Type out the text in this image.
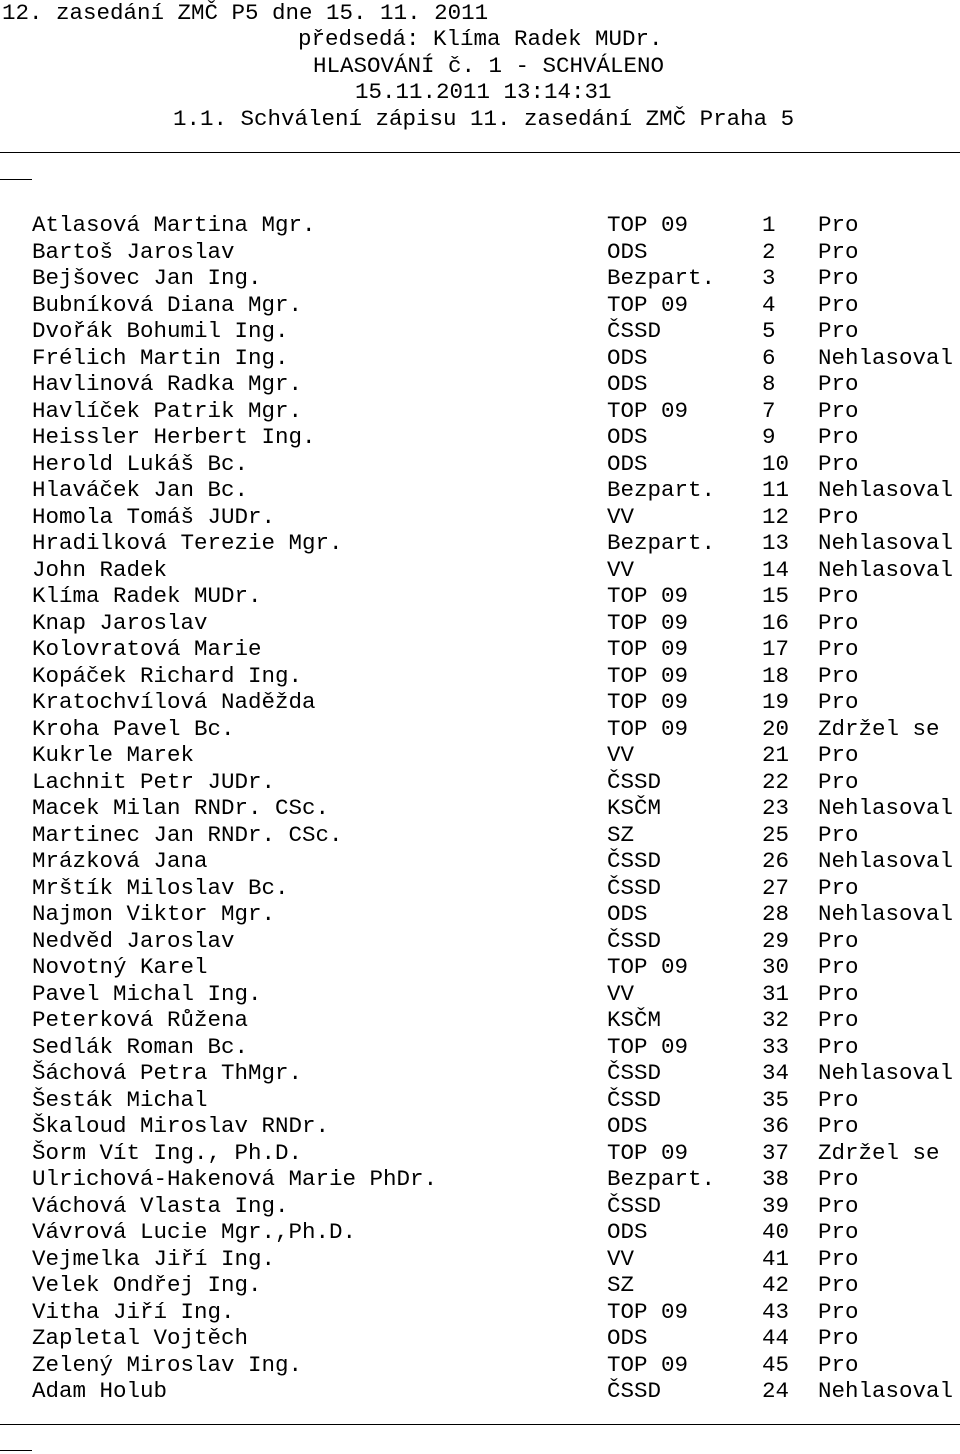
12. zasedání ZMČ P5 dne 15. 11. 2011
předsedá: Klíma Radek MUDr.
HLASOVÁNÍ č. 1 - SCHVÁLENO
15.11.2011 13:14:31
1.1. Schválení zápisu 11. zasedání ZMČ Praha 5
Atlasová Martina Mgr.	TOP 09	1 Pro
Bartoš Jaroslav	ODS	2 Pro
Bejšovec Jan Ing.	Bezpart. 3 Pro
Bubníková Diana Mgr.	TOP 09	4 Pro
Dvořák Bohumil Ing.	ČSSD	5 Pro
Frélich Martin Ing.	ODS	6 Nehlasoval
Havlinová Radka Mgr.	ODS	8 Pro
Havlíček Patrik Mgr.	TOP 09	7 Pro
Heissler Herbert Ing.	ODS	9 Pro
Herold Lukáš Bc.	ODS	10 Pro
Hlaváček Jan Bc.	Bezpart. 11 Nehlasoval
Homola Tomáš JUDr.	VV	12 Pro
Hradilková Terezie Mgr.	Bezpart. 13 Nehlasoval
John Radek	VV	14 Nehlasoval
Klíma Radek MUDr.	TOP 09	15 Pro
Knap Jaroslav	TOP 09	16 Pro
Kolovratová Marie	TOP 09	17 Pro
Kopáček Richard Ing.	TOP 09	18 Pro
Kratochvílová Naděžda	TOP 09	19 Pro
Kroha Pavel Bc.	TOP 09	20 Zdržel se
Kukrle Marek	VV	21 Pro
Lachnit Petr JUDr.	ČSSD	22 Pro
Macek Milan RNDr. CSc.	KSČM	23 Nehlasoval
Martinec Jan RNDr. CSc.	SZ	25 Pro
Mrázková Jana	ČSSD	26 Nehlasoval
Mrštík Miloslav Bc.	ČSSD	27 Pro
Najmon Viktor Mgr.	ODS	28 Nehlasoval
Nedvěd Jaroslav	ČSSD	29 Pro
Novotný Karel	TOP 09	30 Pro
Pavel Michal Ing.	VV	31 Pro
Peterková Růžena	KSČM	32 Pro
Sedlák Roman Bc.	TOP 09	33 Pro
Šáchová Petra ThMgr.	ČSSD	34 Nehlasoval
Šesták Michal	ČSSD	35 Pro
Škaloud Miroslav RNDr.	ODS	36 Pro
Šorm Vít Ing., Ph.D.	TOP 09	37 Zdržel se
Ulrichová-Hakenová Marie PhDr.	Bezpart. 38 Pro
Váchová Vlasta Ing.	ČSSD	39 Pro
Vávrová Lucie Mgr.,Ph.D.	ODS	40 Pro
Vejmelka Jiří Ing.	VV	41 Pro
Velek Ondřej Ing.	SZ	42 Pro
Vitha Jiří Ing.	TOP 09	43 Pro
Zapletal Vojtěch	ODS	44 Pro
Zelený Miroslav Ing.	TOP 09	45 Pro
Adam Holub	ČSSD	24 Nehlasoval
